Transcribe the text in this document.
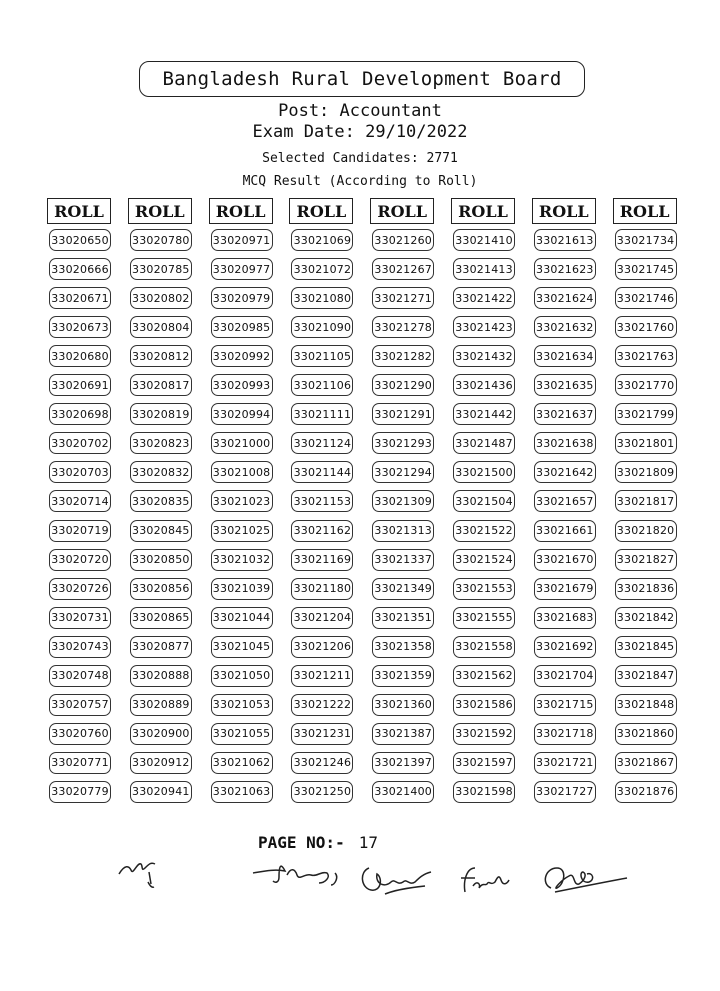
Bangladesh Rural Development Board
Post: Accountant
Exam Date: 29/10/2022
Selected Candidates: 2771
MCQ Result (According to Roll)
ROLL
33020650
33020666
33020671
33020673
33020680
33020691
33020698
33020702
33020703
33020714
33020719
33020720
33020726
33020731
33020743
33020748
33020757
33020760
33020771
33020779
ROLL
33020780
33020785
33020802
33020804
33020812
33020817
33020819
33020823
33020832
33020835
33020845
33020850
33020856
33020865
33020877
33020888
33020889
33020900
33020912
33020941
ROLL
33020971
33020977
33020979
33020985
33020992
33020993
33020994
33021000
33021008
33021023
33021025
33021032
33021039
33021044
33021045
33021050
33021053
33021055
33021062
33021063
ROLL
33021069
33021072
33021080
33021090
33021105
33021106
33021111
33021124
33021144
33021153
33021162
33021169
33021180
33021204
33021206
33021211
33021222
33021231
33021246
33021250
ROLL
33021260
33021267
33021271
33021278
33021282
33021290
33021291
33021293
33021294
33021309
33021313
33021337
33021349
33021351
33021358
33021359
33021360
33021387
33021397
33021400
ROLL
33021410
33021413
33021422
33021423
33021432
33021436
33021442
33021487
33021500
33021504
33021522
33021524
33021553
33021555
33021558
33021562
33021586
33021592
33021597
33021598
ROLL
33021613
33021623
33021624
33021632
33021634
33021635
33021637
33021638
33021642
33021657
33021661
33021670
33021679
33021683
33021692
33021704
33021715
33021718
33021721
33021727
ROLL
33021734
33021745
33021746
33021760
33021763
33021770
33021799
33021801
33021809
33021817
33021820
33021827
33021836
33021842
33021845
33021847
33021848
33021860
33021867
33021876
PAGE NO:- 17
